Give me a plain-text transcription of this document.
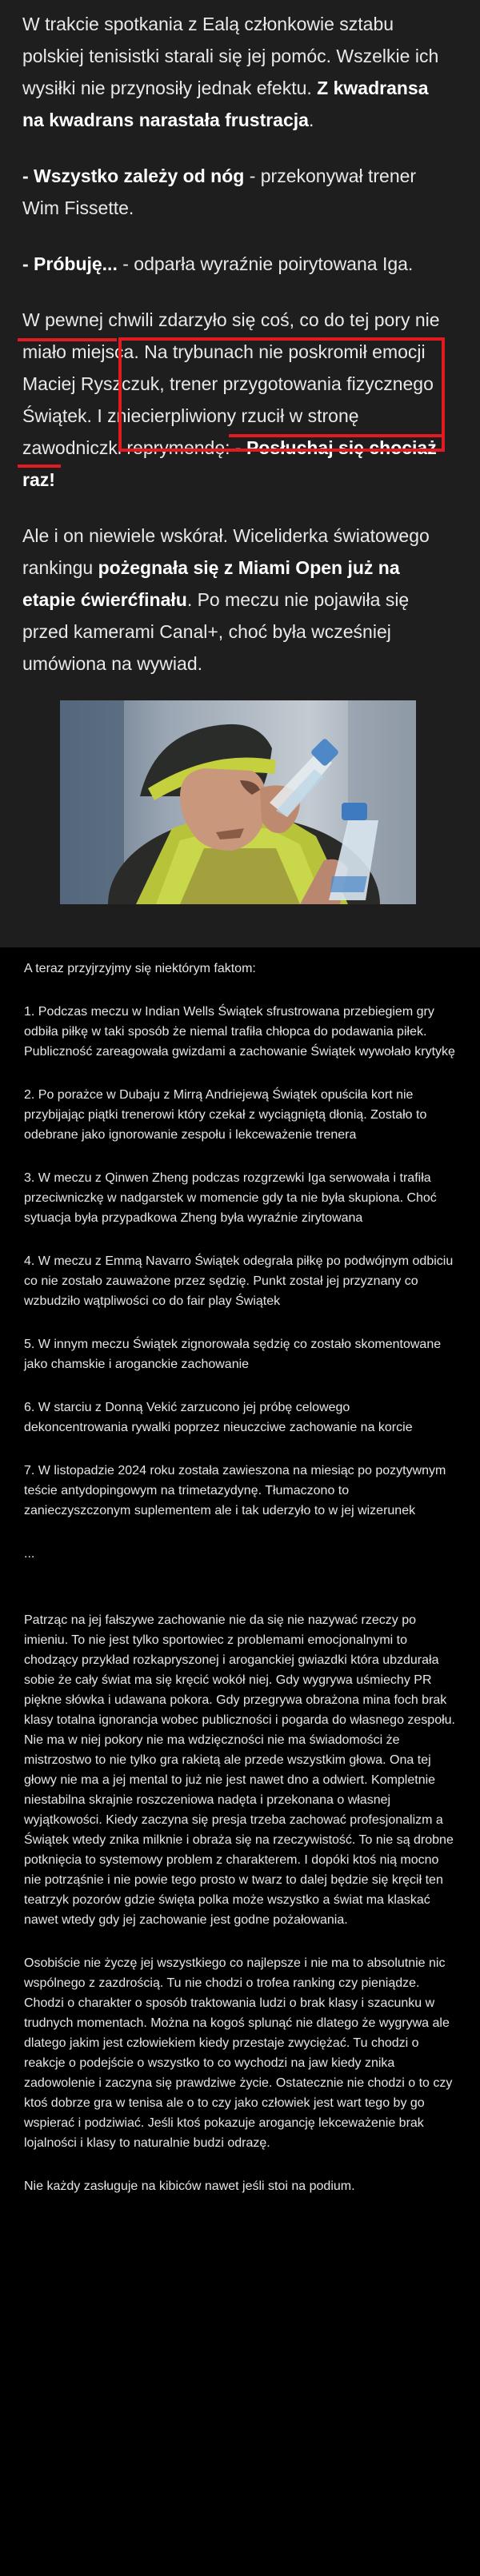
W trakcie spotkania z Ealą członkowie sztabu polskiej tenisistki starali się jej pomóc. Wszelkie ich wysiłki nie przynosiły jednak efektu. Z kwadransa na kwadrans narastała frustracja.

- Wszystko zależy od nóg - przekonywał trener Wim Fissette.

- Próbuję... - odparła wyraźnie poirytowana Iga.

W pewnej chwili zdarzyło się coś, co do tej pory nie miało miejsca. Na trybunach nie poskromił emocji Maciej Ryszczuk, trener przygotowania fizycznego Świątek. I zniecierpliwiony rzucił w stronę zawodniczki reprymendę: - Posłuchaj się chociaż raz!

Ale i on niewiele wskórał. Wiceliderka światowego rankingu pożegnała się z Miami Open już na etapie ćwierćfinału. Po meczu nie pojawiła się przed kamerami Canal+, choć była wcześniej umówiona na wywiad.

A teraz przyjrzyjmy się niektórym faktom:

1. Podczas meczu w Indian Wells Świątek sfrustrowana przebiegiem gry odbiła piłkę w taki sposób że niemal trafiła chłopca do podawania piłek. Publiczność zareagowała gwizdami a zachowanie Świątek wywołało krytykę

2. Po porażce w Dubaju z Mirrą Andriejewą Świątek opuściła kort nie przybijając piątki trenerowi który czekał z wyciągniętą dłonią. Zostało to odebrane jako ignorowanie zespołu i lekceważenie trenera

3. W meczu z Qinwen Zheng podczas rozgrzewki Iga serwowała i trafiła przeciwniczkę w nadgarstek w momencie gdy ta nie była skupiona. Choć sytuacja była przypadkowa Zheng była wyraźnie zirytowana

4. W meczu z Emmą Navarro Świątek odegrała piłkę po podwójnym odbiciu co nie zostało zauważone przez sędzię. Punkt został jej przyznany co wzbudziło wątpliwości co do fair play Świątek

5. W innym meczu Świątek zignorowała sędzię co zostało skomentowane jako chamskie i aroganckie zachowanie

6. W starciu z Donną Vekić zarzucono jej próbę celowego dekoncentrowania rywalki poprzez nieuczciwe zachowanie na korcie

7. W listopadzie 2024 roku została zawieszona na miesiąc po pozytywnym teście antydopingowym na trimetazydynę. Tłumaczono to zanieczyszczonym suplementem ale i tak uderzyło to w jej wizerunek

...

Patrząc na jej fałszywe zachowanie nie da się nie nazywać rzeczy po imieniu. To nie jest tylko sportowiec z problemami emocjonalnymi to chodzący przykład rozkapryszonej i aroganckiej gwiazdki która ubzdurała sobie że cały świat ma się kręcić wokół niej. Gdy wygrywa uśmiechy PR piękne słówka i udawana pokora. Gdy przegrywa obrażona mina foch brak klasy totalna ignorancja wobec publiczności i pogarda do własnego zespołu. Nie ma w niej pokory nie ma wdzięczności nie ma świadomości że mistrzostwo to nie tylko gra rakietą ale przede wszystkim głowa. Ona tej głowy nie ma a jej mental to już nie jest nawet dno a odwiert. Kompletnie niestabilna skrajnie roszczeniowa nadęta i przekonana o własnej wyjątkowości. Kiedy zaczyna się presja trzeba zachować profesjonalizm a Świątek wtedy znika milknie i obraża się na rzeczywistość. To nie są drobne potknięcia to systemowy problem z charakterem. I dopóki ktoś nią mocno nie potrząśnie i nie powie tego prosto w twarz to dalej będzie się kręcił ten teatrzyk pozorów gdzie święta polka może wszystko a świat ma klaskać nawet wtedy gdy jej zachowanie jest godne pożałowania.

Osobiście nie życzę jej wszystkiego co najlepsze i nie ma to absolutnie nic wspólnego z zazdrością. Tu nie chodzi o trofea ranking czy pieniądze. Chodzi o charakter o sposób traktowania ludzi o brak klasy i szacunku w trudnych momentach. Można na kogoś splunąć nie dlatego że wygrywa ale dlatego jakim jest człowiekiem kiedy przestaje zwyciężać. Tu chodzi o reakcje o podejście o wszystko to co wychodzi na jaw kiedy znika zadowolenie i zaczyna się prawdziwe życie. Ostatecznie nie chodzi o to czy ktoś dobrze gra w tenisa ale o to czy jako człowiek jest wart tego by go wspierać i podziwiać. Jeśli ktoś pokazuje arogancję lekceważenie brak lojalności i klasy to naturalnie budzi odrazę.

Nie każdy zasługuje na kibiców nawet jeśli stoi na podium.
